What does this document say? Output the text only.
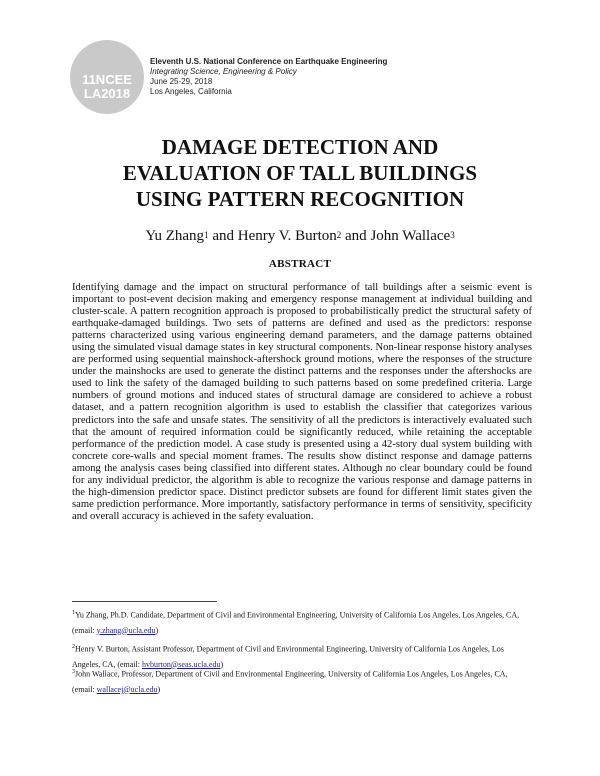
11NCEE
LA2018
Eleventh U.S. National Conference on Earthquake Engineering
Integrating Science, Engineering & Policy
June 25-29, 2018
Los Angeles, California
DAMAGE DETECTION AND
EVALUATION OF TALL BUILDINGS
USING PATTERN RECOGNITION
Yu Zhang$^1$ and Henry V. Burton$^2$ and John Wallace$^3$
ABSTRACT

Identifying damage and the impact on structural performance of tall buildings after a seismic event is important to post-event decision making and emergency response management at individual building and cluster-scale. A pattern recognition approach is proposed to probabilistically predict the structural safety of earthquake-damaged buildings. Two sets of patterns are defined and used as the predictors: response patterns characterized using various engineering demand parameters, and the damage patterns obtained using the simulated visual damage states in key structural components. Non-linear response history analyses are performed using sequential mainshock-aftershock ground motions, where the responses of the structure under the mainshocks are used to generate the distinct patterns and the responses under the aftershocks are used to link the safety of the damaged building to such patterns based on some predefined criteria. Large numbers of ground motions and induced states of structural damage are considered to achieve a robust dataset, and a pattern recognition algorithm is used to establish the classifier that categorizes various predictors into the safe and unsafe states. The sensitivity of all the predictors is interactively evaluated such that the amount of required information could be significantly reduced, while retaining the acceptable performance of the prediction model. A case study is presented using a 42-story dual system building with concrete core-walls and special moment frames. The results show distinct response and damage patterns among the analysis cases being classified into different states. Although no clear boundary could be found for any individual predictor, the algorithm is able to recognize the various response and damage patterns in the high-dimension predictor space. Distinct predictor subsets are found for different limit states given the same prediction performance. More importantly, satisfactory performance in terms of sensitivity, specificity and overall accuracy is achieved in the safety evaluation.

$^1$Yu Zhang, Ph.D. Candidate, Department of Civil and Environmental Engineering, University of California Los Angeles, Los Angeles, CA, (email: y.zhang@ucla.edu)

$^2$Henry V. Burton, Assistant Professor, Department of Civil and Environmental Engineering, University of California Los Angeles, Los Angeles, CA, (email: hvburton@seas.ucla.edu)

$^3$John Wallace, Professor, Department of Civil and Environmental Engineering, University of California Los Angeles, Los Angeles, CA, (email: wallacej@ucla.edu)
